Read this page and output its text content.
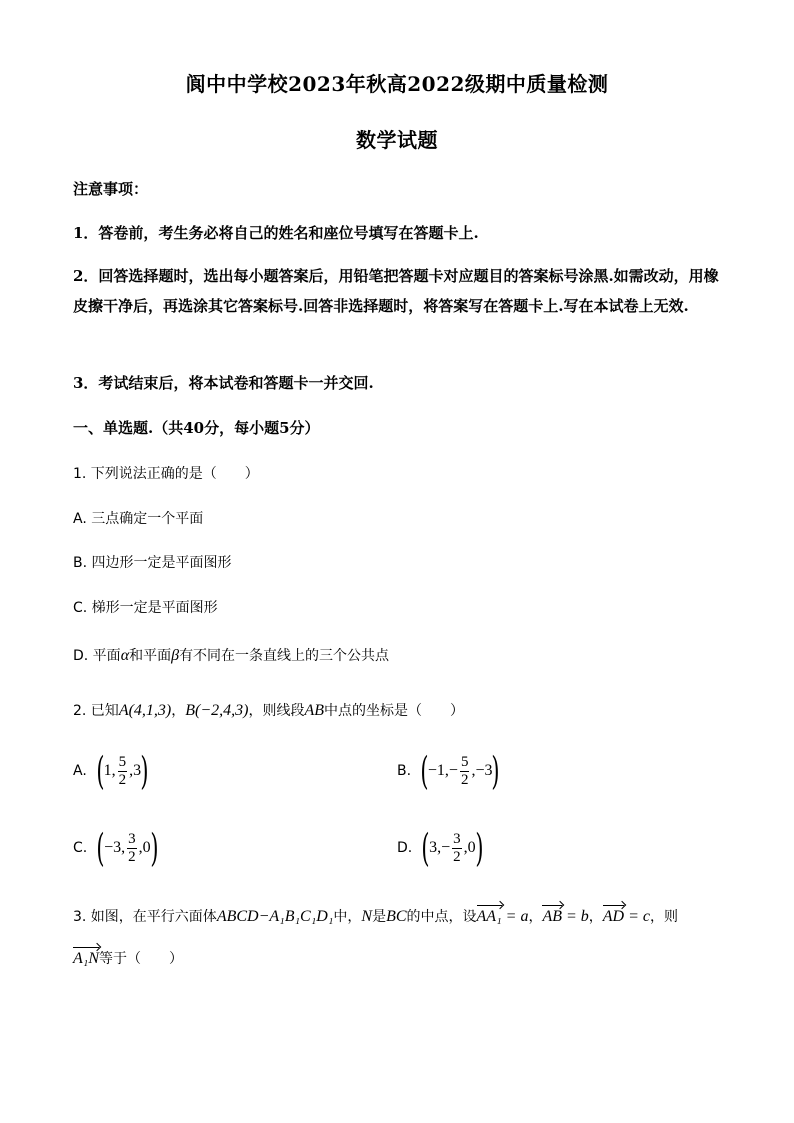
阆中中学校2023年秋高2022级期中质量检测
数学试题
注意事项：
1．答卷前，考生务必将自己的姓名和座位号填写在答题卡上.
2．回答选择题时，选出每小题答案后，用铅笔把答题卡对应题目的答案标号涂黑.如需改动，用橡皮擦干净后，再选涂其它答案标号.回答非选择题时，将答案写在答题卡上.写在本试卷上无效.
3．考试结束后，将本试卷和答题卡一并交回.
一、单选题.（共40分，每小题5分）
1. 下列说法正确的是（　　）
A. 三点确定一个平面
B. 四边形一定是平面图形
C. 梯形一定是平面图形
D. 平面α和平面β有不同在一条直线上的三个公共点
2. 已知A(4,1,3)，B(−2,4,3)，则线段AB中点的坐标是（　　）
A. ( 1, $\frac{5}{2} ,3$ )	B. ( $-1,- \frac{5}{2} ,-3$ )
C. ( −3, $\frac{3}{2} ,0$ )	D. ( $3,- \frac{3}{2} ,0$ )
3. 如图，在平行六面体ABCD−A₁B₁C₁D₁中，N是BC的中点，设AA₁ = a，AB = b，AD = c，则
A₁N等于（　　）
